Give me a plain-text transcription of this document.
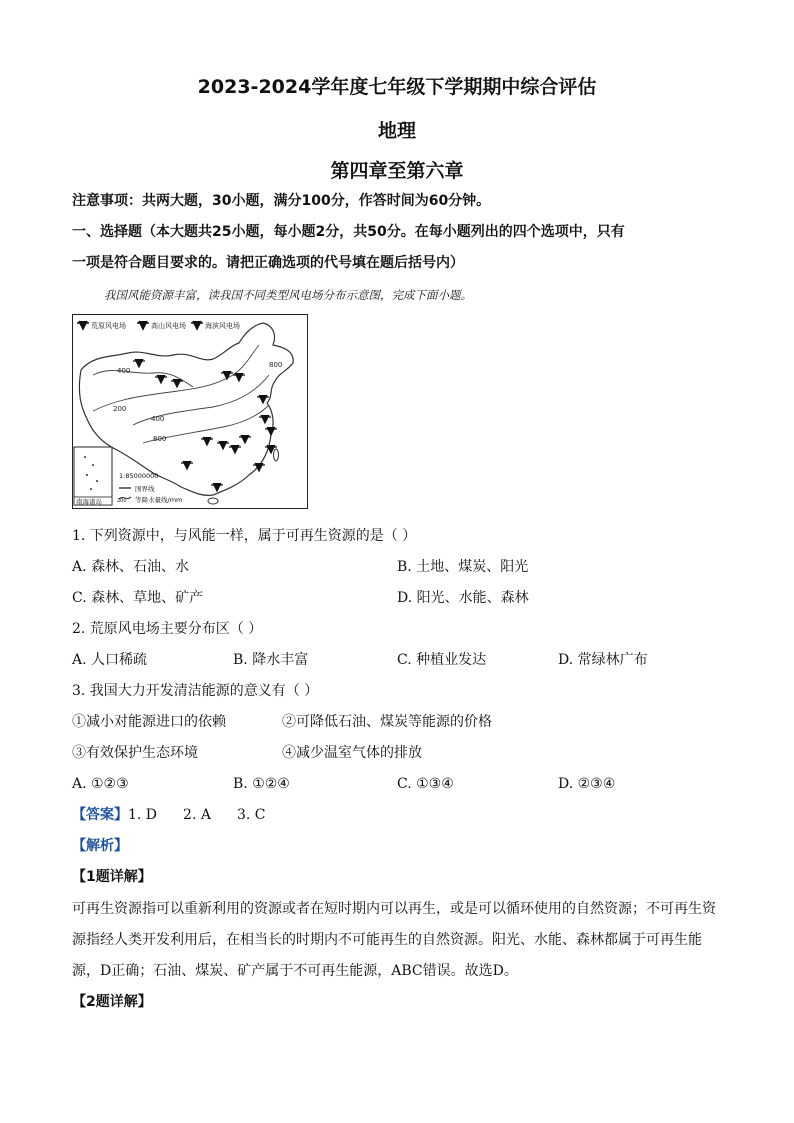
2023-2024学年度七年级下学期期中综合评估
地理
第四章至第六章
注意事项：共两大题，30小题，满分100分，作答时间为60分钟。
一、选择题（本大题共25小题，每小题2分，共50分。在每小题列出的四个选项中，只有
一项是符合题目要求的。请把正确选项的代号填在题后括号内）
我国风能资源丰富，读我国不同类型风电场分布示意图，完成下面小题。
400
200
400
800
800
荒原风电场	高山风电场	海滨风电场
南海诸岛
1:85000000
国界线
200 等降水量线/mm
1. 下列资源中，与风能一样，属于可再生资源的是（ ）
A. 森林、石油、水	B. 土地、煤炭、阳光
C. 森林、草地、矿产	D. 阳光、水能、森林
2. 荒原风电场主要分布区（ ）
A. 人口稀疏	B. 降水丰富	C. 种植业发达	D. 常绿林广布
3. 我国大力开发清洁能源的意义有（ ）
①减小对能源进口的依赖	②可降低石油、煤炭等能源的价格
③有效保护生态环境	④减少温室气体的排放
A. ①②③	B. ①②④	C. ①③④	D. ②③④
【答案】1. D 2. A 3. C
【解析】
【1题详解】
可再生资源指可以重新利用的资源或者在短时期内可以再生，或是可以循环使用的自然资源；不可再生资
源指经人类开发利用后，在相当长的时期内不可能再生的自然资源。阳光、水能、森林都属于可再生能
源，D正确；石油、煤炭、矿产属于不可再生能源，ABC错误。故选D。
【2题详解】
